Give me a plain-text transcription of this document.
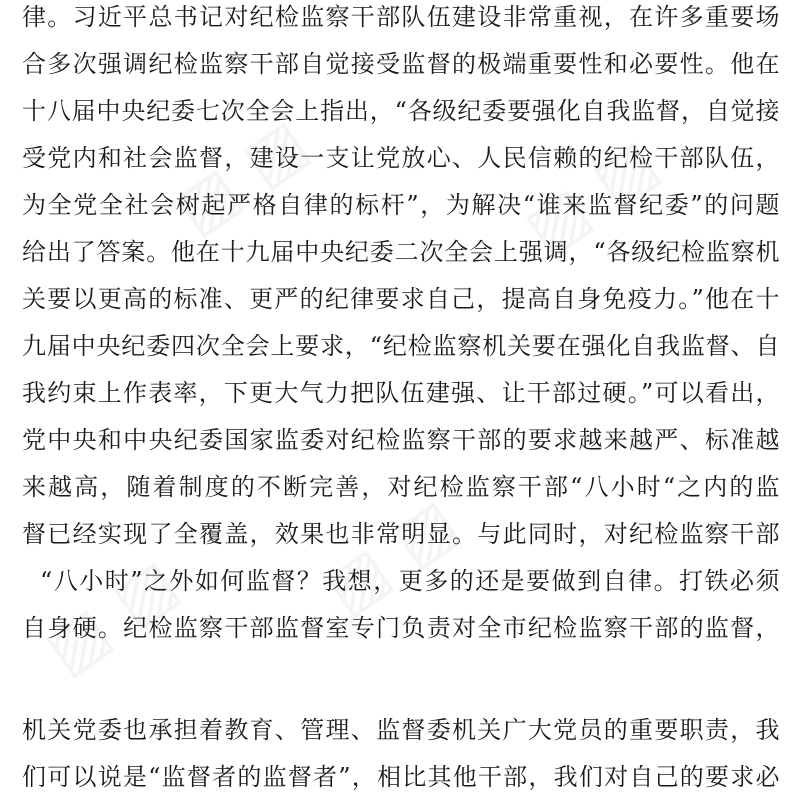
▨ ▨	▨ ▨
▨ ▨
▨ ▨
律。习近平总书记对纪检监察干部队伍建设非常重视，在许多重要场
合多次强调纪检监察干部自觉接受监督的极端重要性和必要性。他在
十八届中央纪委七次全会上指出，“各级纪委要强化自我监督，自觉接
受党内和社会监督，建设一支让党放心、人民信赖的纪检干部队伍，
为全党全社会树起严格自律的标杆”，为解决“谁来监督纪委”的问题
给出了答案。他在十九届中央纪委二次全会上强调，“各级纪检监察机
关要以更高的标准、更严的纪律要求自己，提高自身免疫力。”他在十
九届中央纪委四次全会上要求，“纪检监察机关要在强化自我监督、自
我约束上作表率，下更大气力把队伍建强、让干部过硬。”可以看出，
党中央和中央纪委国家监委对纪检监察干部的要求越来越严、标准越
来越高，随着制度的不断完善，对纪检监察干部“八小时“之内的监
督已经实现了全覆盖，效果也非常明显。与此同时，对纪检监察干部
“八小时”之外如何监督？我想，更多的还是要做到自律。打铁必须
自身硬。纪检监察干部监督室专门负责对全市纪检监察干部的监督，
机关党委也承担着教育、管理、监督委机关广大党员的重要职责，我
们可以说是“监督者的监督者”，相比其他干部，我们对自己的要求必
